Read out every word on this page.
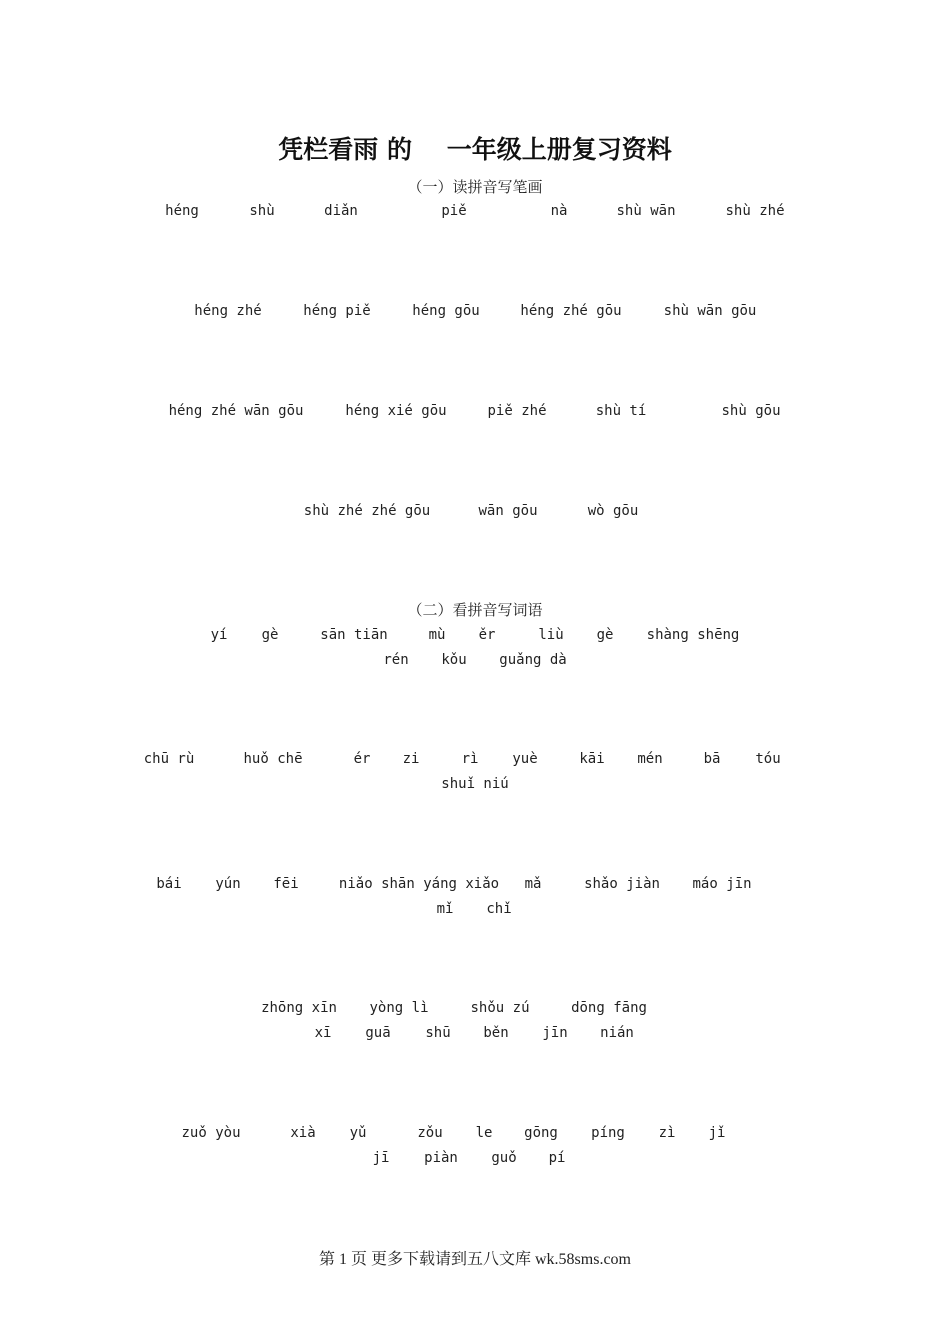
凭栏看雨 的    一年级上册复习资料
（一）读拼音写笔画
héng	shù	diǎn	piě	nà	shù wān	shù zhé
héng zhé	héng piě	héng gōu	héng zhé gōu	shù wān gōu
héng zhé wān gōu	héng xié gōu	piě zhé	shù tí	shù gōu
shù zhé zhé gōu	wān gōu	wò gōu
（二）看拼音写词语
yí gè	sān tiān	mù ěr	liù gè shàng shēng
rén kǒu guǎng dà
chū rù	huǒ chē	ér zi	rì yuè	kāi mén	bā tóu
shuǐ niú
bái yún fēi	niǎo shān yáng xiǎo mǎ	shǎo jiàn máo jīn
mǐ chǐ
zhōng xīn yòng lì	shǒu zú	dōng fāng
xī guā shū běn jīn nián
zuǒ yòu	xià yǔ	zǒu le gōng píng zì jǐ
jī piàn guǒ pí
第 1 页 更多下载请到五八文库 wk.58sms.com
